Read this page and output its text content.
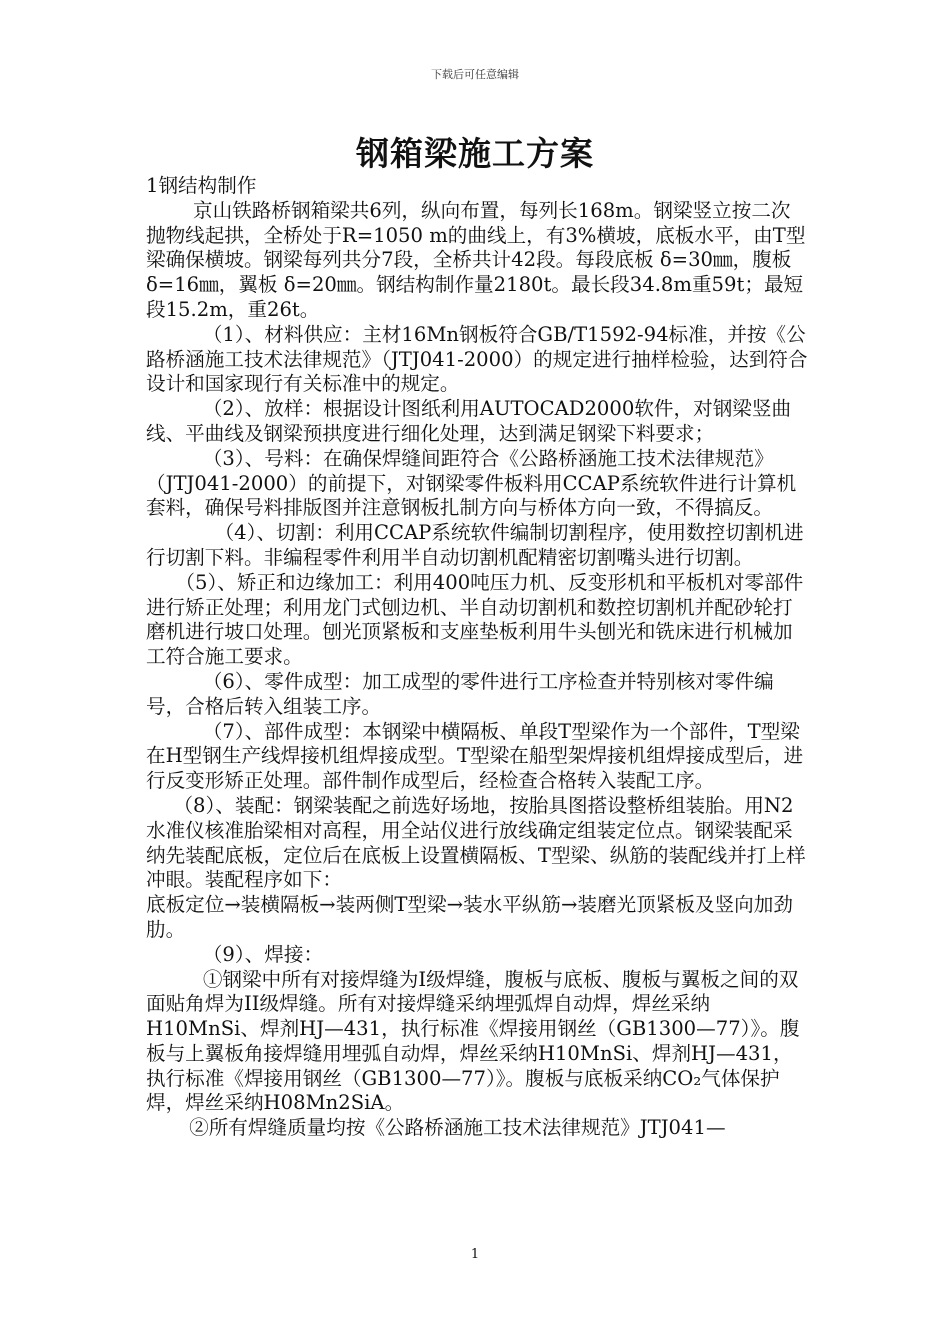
下载后可任意编辑
钢箱梁施工方案

1钢结构制作

京山铁路桥钢箱梁共6列，纵向布置，每列长168m。钢梁竖立按二次抛物线起拱，全桥处于R=1050 m的曲线上，有3%横坡，底板水平，由T型梁确保横坡。钢梁每列共分7段，全桥共计42段。每段底板 δ=30㎜，腹板 δ=16㎜，翼板 δ=20㎜。钢结构制作量2180t。最长段34.8m重59t；最短段15.2m，重26t。

（1）、材料供应：主材16Mn钢板符合GB/T1592-94标准，并按《公路桥涵施工技术法律规范》（JTJ041-2000）的规定进行抽样检验，达到符合设计和国家现行有关标准中的规定。

（2）、放样：根据设计图纸利用AUTOCAD2000软件，对钢梁竖曲线、平曲线及钢梁预拱度进行细化处理，达到满足钢梁下料要求；

（3）、号料：在确保焊缝间距符合《公路桥涵施工技术法律规范》（JTJ041-2000）的前提下，对钢梁零件板料用CCAP系统软件进行计算机套料，确保号料排版图并注意钢板扎制方向与桥体方向一致，不得搞反。

（4）、切割：利用CCAP系统软件编制切割程序，使用数控切割机进行切割下料。非编程零件利用半自动切割机配精密切割嘴头进行切割。

（5）、矫正和边缘加工：利用400吨压力机、反变形机和平板机对零部件进行矫正处理；利用龙门式刨边机、半自动切割机和数控切割机并配砂轮打磨机进行坡口处理。刨光顶紧板和支座垫板利用牛头刨光和铣床进行机械加工符合施工要求。

（6）、零件成型：加工成型的零件进行工序检查并特别核对零件编号，合格后转入组装工序。

（7）、部件成型：本钢梁中横隔板、单段T型梁作为一个部件，T型梁在H型钢生产线焊接机组焊接成型。T型梁在船型架焊接机组焊接成型后，进行反变形矫正处理。部件制作成型后，经检查合格转入装配工序。

（8）、装配：钢梁装配之前选好场地，按胎具图搭设整桥组装胎。用N2水准仪核准胎梁相对高程，用全站仪进行放线确定组装定位点。钢梁装配采纳先装配底板，定位后在底板上设置横隔板、T型梁、纵筋的装配线并打上样冲眼。装配程序如下：

底板定位→装横隔板→装两侧T型梁→装水平纵筋→装磨光顶紧板及竖向加劲肋。

（9）、焊接：

①钢梁中所有对接焊缝为I级焊缝，腹板与底板、腹板与翼板之间的双面贴角焊为II级焊缝。所有对接焊缝采纳埋弧焊自动焊，焊丝采纳H10MnSi、焊剂HJ—431，执行标准《焊接用钢丝（GB1300—77）》。腹板与上翼板角接焊缝用埋弧自动焊，焊丝采纳H10MnSi、焊剂HJ—431，执行标准《焊接用钢丝（GB1300—77）》。腹板与底板采纳CO₂气体保护焊，焊丝采纳H08Mn2SiA。

②所有焊缝质量均按《公路桥涵施工技术法律规范》JTJ041—

1
